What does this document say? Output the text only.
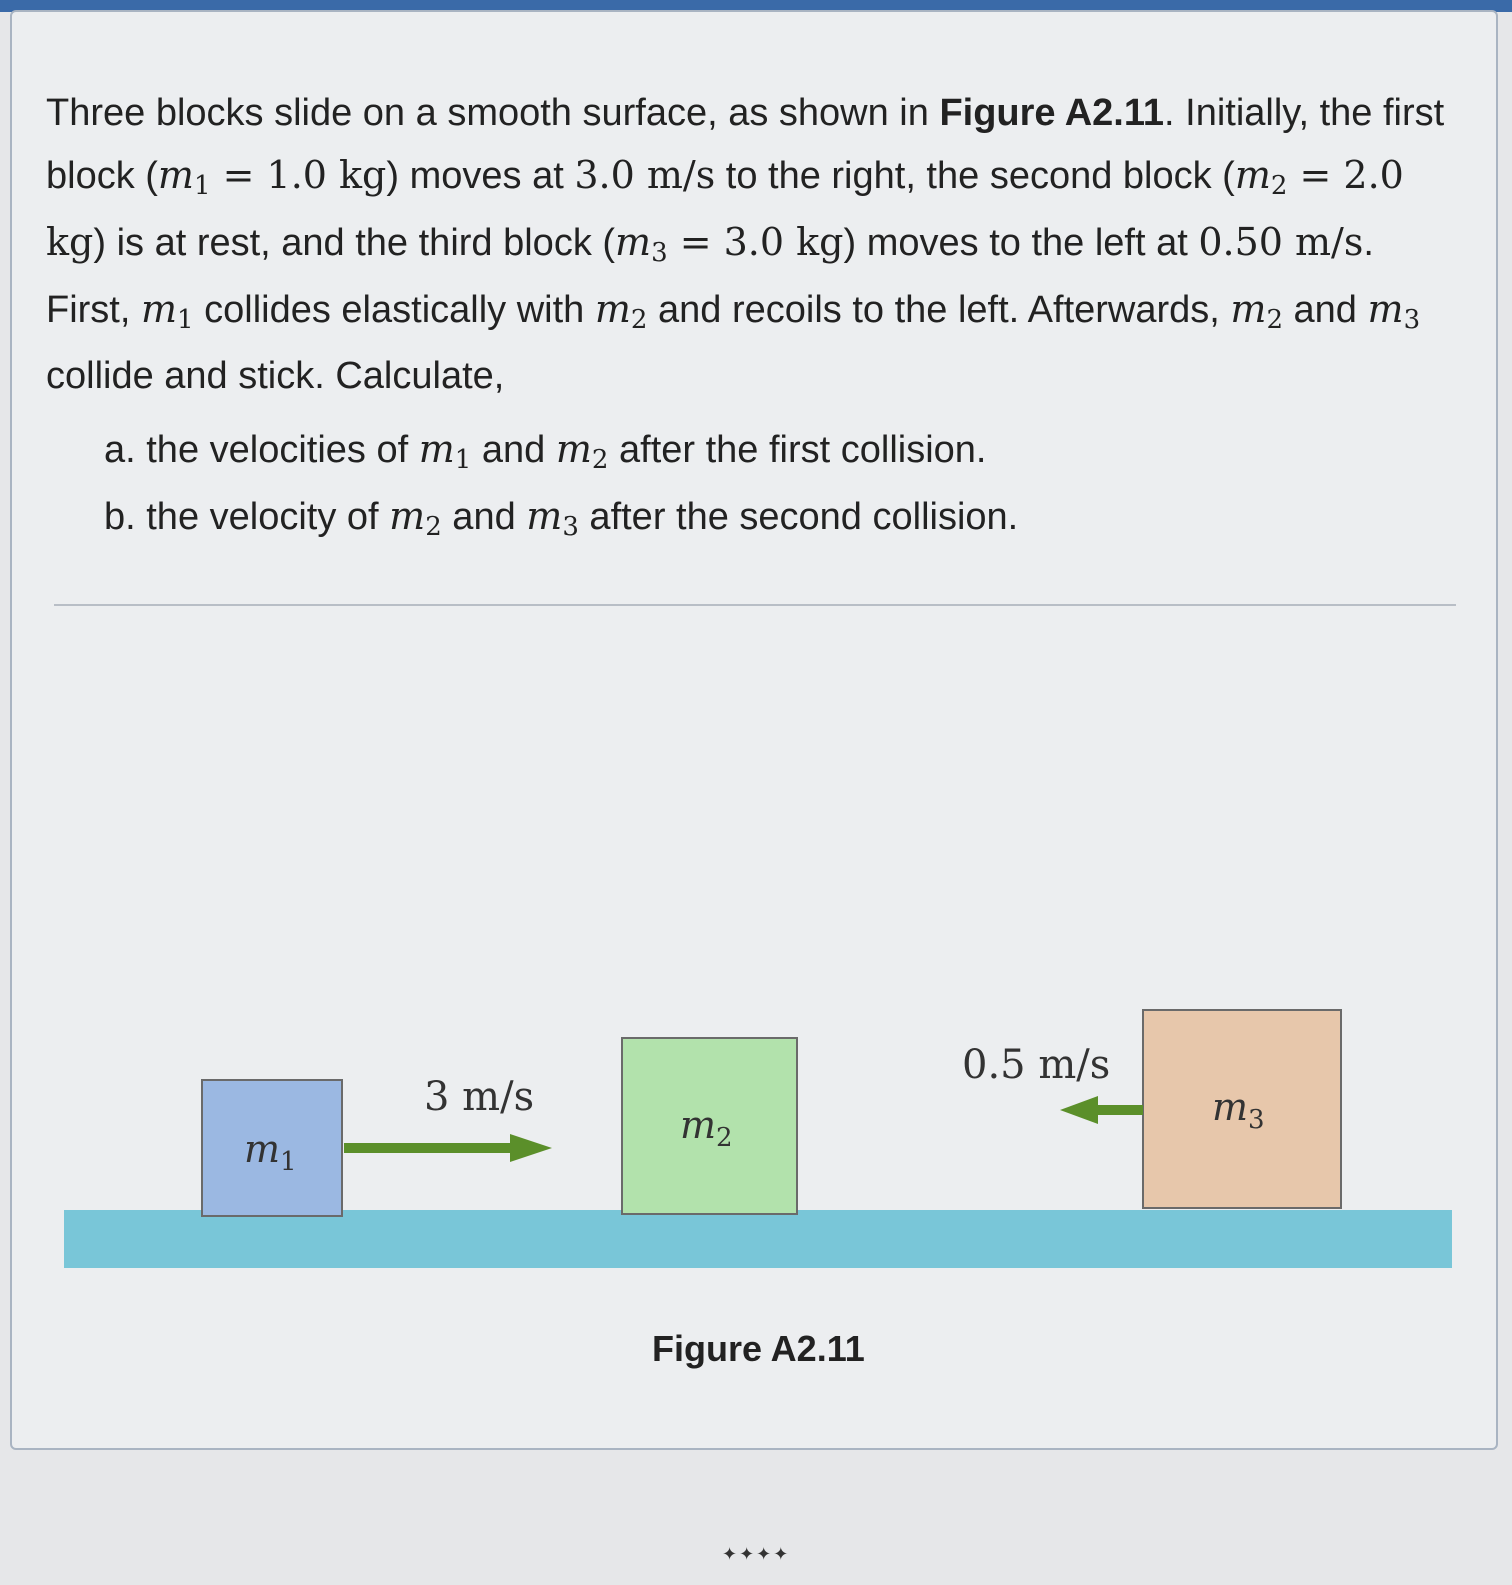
Three blocks slide on a smooth surface, as shown in Figure A2.11. Initially, the first block (m1 = 1.0 kg) moves at 3.0 m/s to the right, the second block (m2 = 2.0 kg) is at rest, and the third block (m3 = 3.0 kg) moves to the left at 0.50 m/s. First, m1 collides elastically with m2 and recoils to the left. Afterwards, m2 and m3 collide and stick. Calculate,
a. the velocities of m1 and m2 after the first collision.
b. the velocity of m2 and m3 after the second collision.
$m_1$
$m_2$
$m_3$
3 m/s
0.5 m/s
Figure A2.11
✦✦✦✦
